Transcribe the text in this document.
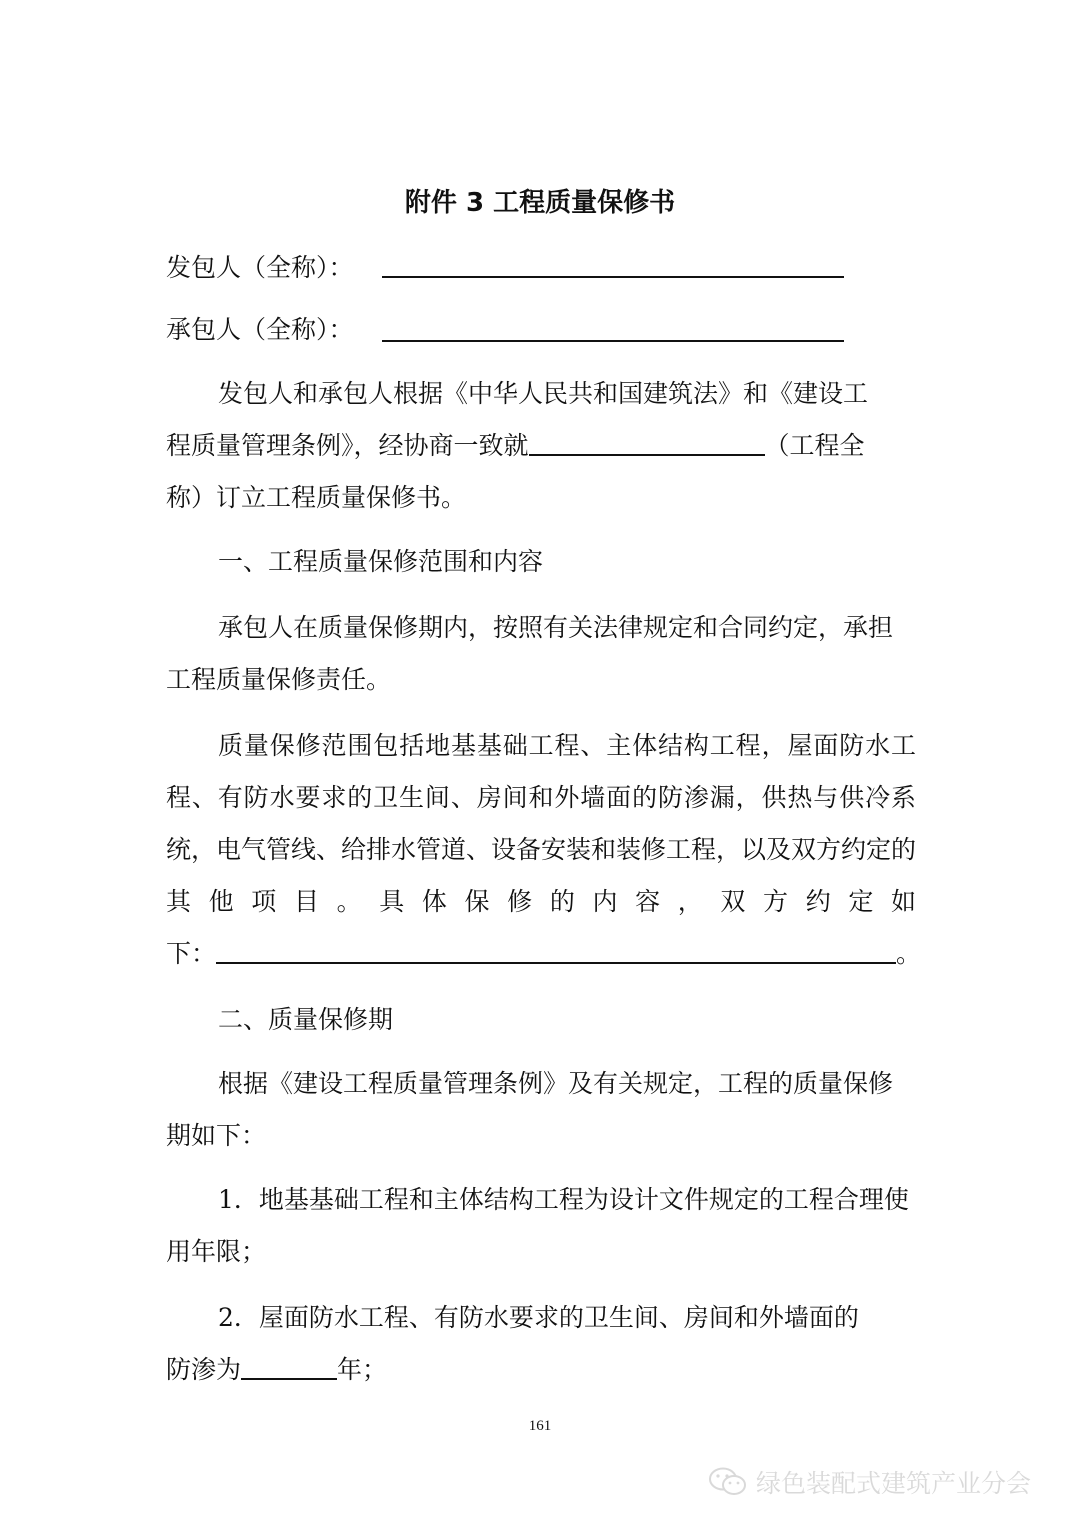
附件 3 工程质量保修书
发包人（全称）：
承包人（全称）：
发包人和承包人根据《中华人民共和国建筑法》和《建设工
程质量管理条例》，经协商一致就	（工程全
称）订立工程质量保修书。
一、工程质量保修范围和内容

承包人在质量保修期内，按照有关法律规定和合同约定，承担工程质量保修责任。

质量保修范围包括地基基础工程、主体结构工程，屋面防水工程、有防水要求的卫生间、房间和外墙面的防渗漏，供热与供冷系统，电气管线、给排水管道、设备安装和装修工程，以及双方约定的其他项目。具体保修的内容，双方约定如
下：	。
二、质量保修期

根据《建设工程质量管理条例》及有关规定，工程的质量保修期如下：

1．地基基础工程和主体结构工程为设计文件规定的工程合理使用年限；

2．屋面防水工程、有防水要求的卫生间、房间和外墙面的
防渗为	年；
161
绿色装配式建筑产业分会
